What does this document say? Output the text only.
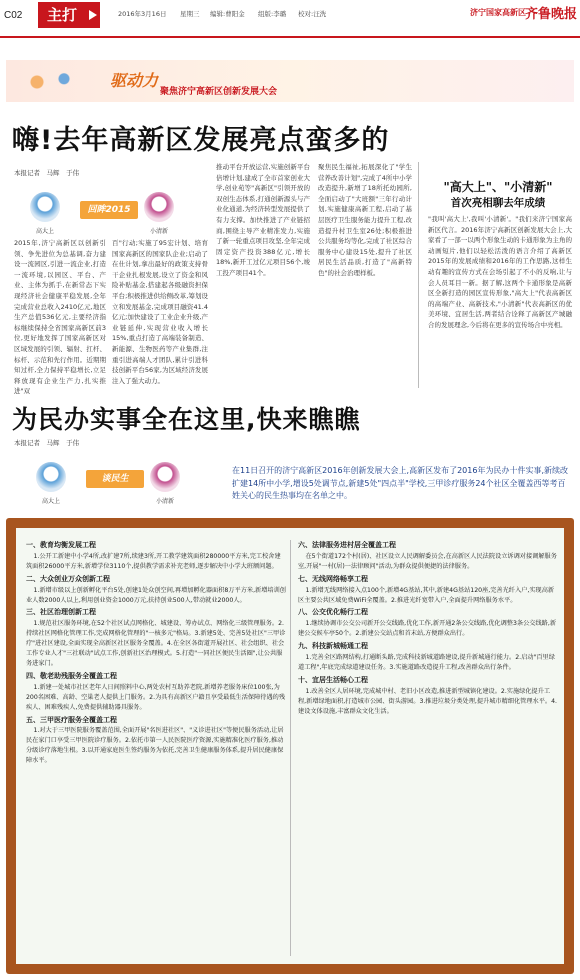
C02	主打	2016年3月16日 星期三 编辑:曹阳金 组版:李璐 校对:汪洗	济宁国家高新区 齐鲁晚报
驱动力
聚焦济宁高新区创新发展大会
嗨!去年高新区发展亮点蛮多的
本报记者　马辉　于伟
回眸2015
高大上	小清新
2015年,济宁高新区以创新引领、争先进位为总基调,奋力建设一流园区,引进一流企业,打造一流环境,以园区、平台、产业、主体为抓手,在新常态下实现经济社会健康平稳发展,全年完成营业总收入2410亿元,地区生产总值536亿元,主要经济指标继续保持全省国家高新区前3位,更好地发挥了国家高新区对区域发展的引领、辐射、扛杆、标杆、示范和先行作用。近期期知过杆,全力保持平稳增长,立足释放现有企业生产力,扎实推进"双
百"行动;实施了95宏计划、培育国家高新区的国家队企业;启动了在仕计划,拿出最好的政策支持骨干企业扎根发展,设立了资金和风险补贴基金,搭建起各级融资担保平台;积极推进供给侧改革,筹划设立和发展基金,完成项目融资41.4亿元;加快建设了工业企业升级,产业链延伸,实现营业收入增长15%,重点打造了高端装备制造、新能源、生物医药等产业集群,注重引进高端人才团队,累计引进科技创新平台56家,为区域经济发展注入了强大动力。
推动平台开放运营,实施创新平台倍增计划,建成了全市首家创业大学,创业苑等"高新区"引领开放的双创生态体系,打通创新源头与产业化通道,为经济转型发展提供了有力支撑。加快推进了产业链招商,围绕主导产业精准发力,实施了新一轮重点项目攻坚,全年完成固定资产投资388亿元,增长18%,新开工过亿元项目56个,竣工投产项目41个。
聚焦民生福祉,拓展深化了"学生营养改善计划",完成了4所中小学改造提升,新增了18所托幼园所,全面启动了"大班额"三年行动计划,实施健康高新工程,启动了基层医疗卫生服务能力提升工程,改造提升村卫生室26处;积极推进公共服务均等化,完成了社区综合服务中心建设15处,提升了社区居民生活品质,打造了"高新特色"的社会治理样板。
"高大上"、"小清新"
首次亮相聊去年成绩
"我叫'高大上',我叫'小清新'。"我们来济宁国家高新区代言。2016年济宁高新区创新发展大会上,大家看了一部一以两个形象生动的卡通形象为主角的动画短片,他们以轻松活泼的语言介绍了高新区2015年的发展成绩和2016年的工作思路,这样生动有趣的宣传方式在会场引起了不小的反响,让与会人员耳目一新。据了解,这两个卡通形象是高新区全新打造的园区宣传形象,"高大上"代表高新区的高端产业、高新技术,"小清新"代表高新区的优美环境、宜居生活,两者结合诠释了高新区产城融合的发展理念,今后将在更多的宣传场合中亮相。
为民办实事全在这里,快来瞧瞧
本报记者　马辉　于伟
谈民生
高大上	小清新
在11日召开的济宁高新区2016年创新发展大会上,高新区发布了2016年为民办十件实事,新续改扩建14所中小学,增设5处调节点,新建5处"四点半"学校,三甲诊疗服务24个社区全覆盖西等考百姓关心的民生热事均在名单之中。
一、教育均衡发展工程

1.公开工新建中小学4所,改扩建7所,续建3所,开工教学建筑面积280000平方米,完工校舍建筑面积26000平方米,新增学位3110个,提供教学需求补充老师,逐步解决中小学大班额问题。

二、大众创业万众创新工程

1.新增市级以上创新孵化平台5处,创建1处众创空间,再增加孵化器面积8万平方米,新增培训创业人数2000人以上,利用创业资金1000万元,扶持创业500人,带动就业2000人。

三、社区治理创新工程

1.规范社区服务环境,在52个社区试点网格化、城建设、筹办试点、网络化三级管理服务。2.持续社区网格化管理工作,完成网格化管理的"一核多元"格局。3.新建5处、完善5处社区"三甲诊疗"进社区建设,全面实现全高新区社区服务全覆盖。4.在全区各街道开展社区、社会组织、社会工作专业人才"三社联动"试点工作,创新社区治理模式。5.打造"一同社区便民生活圈",让公共服务进家门。

四、敬老助残服务全覆盖工程

1.新建一处城市社区老年人日间照料中心,两处农村互助养老院,新增养老服务床位100张,为200名困难、高龄、空巢老人提供上门服务。2.为具有高新区户籍且享受最低生活保障待遇的残疾人、困难残疾人,免费提供辅助器具服务。

五、三甲医疗服务全覆盖工程

1.对大于三甲医院服务覆盖范围,全面开展"名医进社区"、"义诊进社区"等便民服务活动,让居民在家门口享受三甲医院诊疗服务。2.依托市第一人民医院医疗资源,实施精准化医疗服务,推动分级诊疗落地生根。3.以开通家庭医生签约服务为依托,完善卫生健康服务体系,提升居民健康保障水平。

六、法律服务进村居全覆盖工程

在5个街道172个村(居)、社区设立人民调解委员会,在高新区人民法院设立诉调对接调解服务室,开展"一村(居)一法律顾问"活动,为群众提供便捷的法律服务。

七、无线网络畅享工程

1.新增无线网络接入点100个,新增4G基站,其中,新建4G基站120座,完善光纤入户,实现高新区主要公共区域免费WiFi全覆盖。2.推进光纤宽带入户,全面提升网络服务水平。

八、公交优化畅行工程

1.继续协调市公交公司新开公交线路,优化工作,新开通2条公交线路,优化调整3条公交线路,新建公交候车亭50个。2.新建公交站点和首末站,方便群众出行。

九、科技新城畅通工程

1.完善全区路网结构,打通断头路,完成科技新城道路建设,提升新城通行能力。2.启动"百里绿道工程",年底完成绿道建设任务。3.实施道路改造提升工程,改善群众出行条件。

十、宜居生活畅心工程

1.改善全区人居环境,完成城中村、老旧小区改造,推进新型城镇化建设。2.实施绿化提升工程,新增绿地面积,打造城市公园、街头游园。3.推进垃圾分类处理,提升城市精细化管理水平。4.建设文体设施,丰富群众文化生活。
